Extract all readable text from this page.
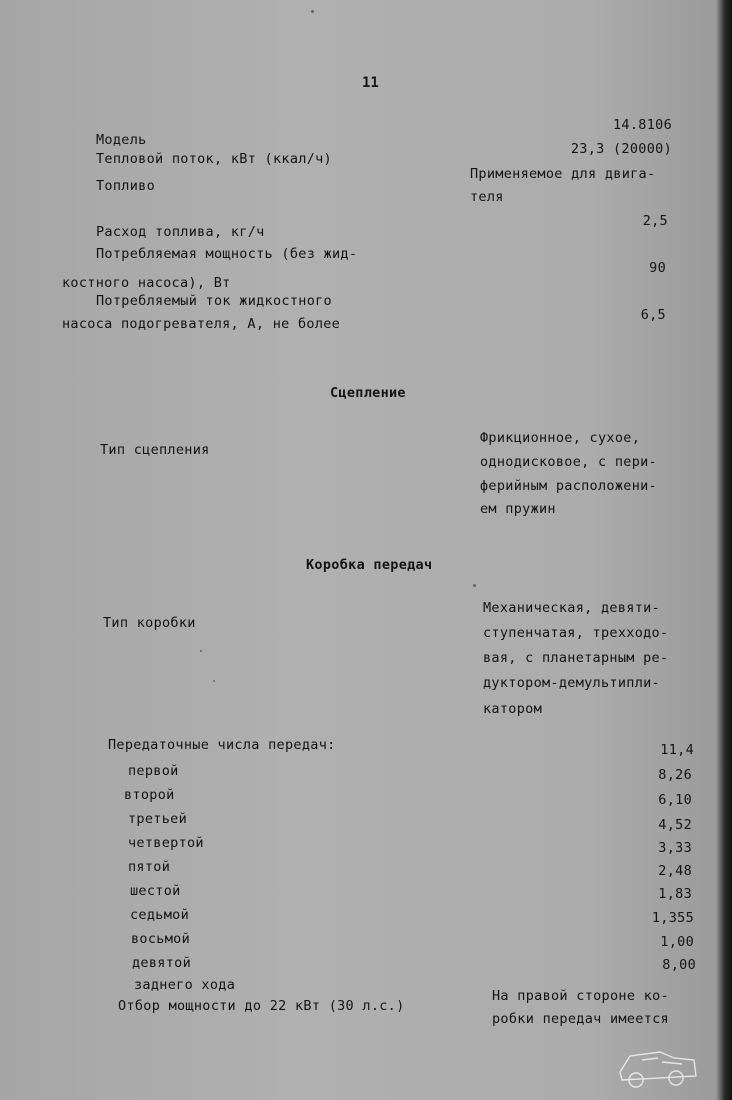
11
Модель
14.8106
Тепловой поток, кВт (ккал/ч)
23,3 (20000)
Топливо
Применяемое для двига-
теля
Расход топлива, кг/ч
2,5
Потребляемая мощность (без жид-
костного насоса), Вт
90
Потребляемый ток жидкостного
насоса подогревателя, А, не более
6,5
Сцепление
Тип сцепления
Фрикционное, сухое,
однодисковое, с пери-
ферийным расположени-
ем пружин
Коробка передач
Тип коробки
Механическая, девяти-
ступенчатая, трехходо-
вая, с планетарным ре-
дуктором-демультипли-
катором
Передаточные числа передач:
первой
11,4
второй
8,26
третьей
6,10
четвертой
4,52
пятой
3,33
шестой
2,48
седьмой
1,83
восьмой
1,355
девятой
1,00
заднего хода
8,00
Отбор мощности до 22 кВт (30 л.с.)
На правой стороне ко-
робки передач имеется
